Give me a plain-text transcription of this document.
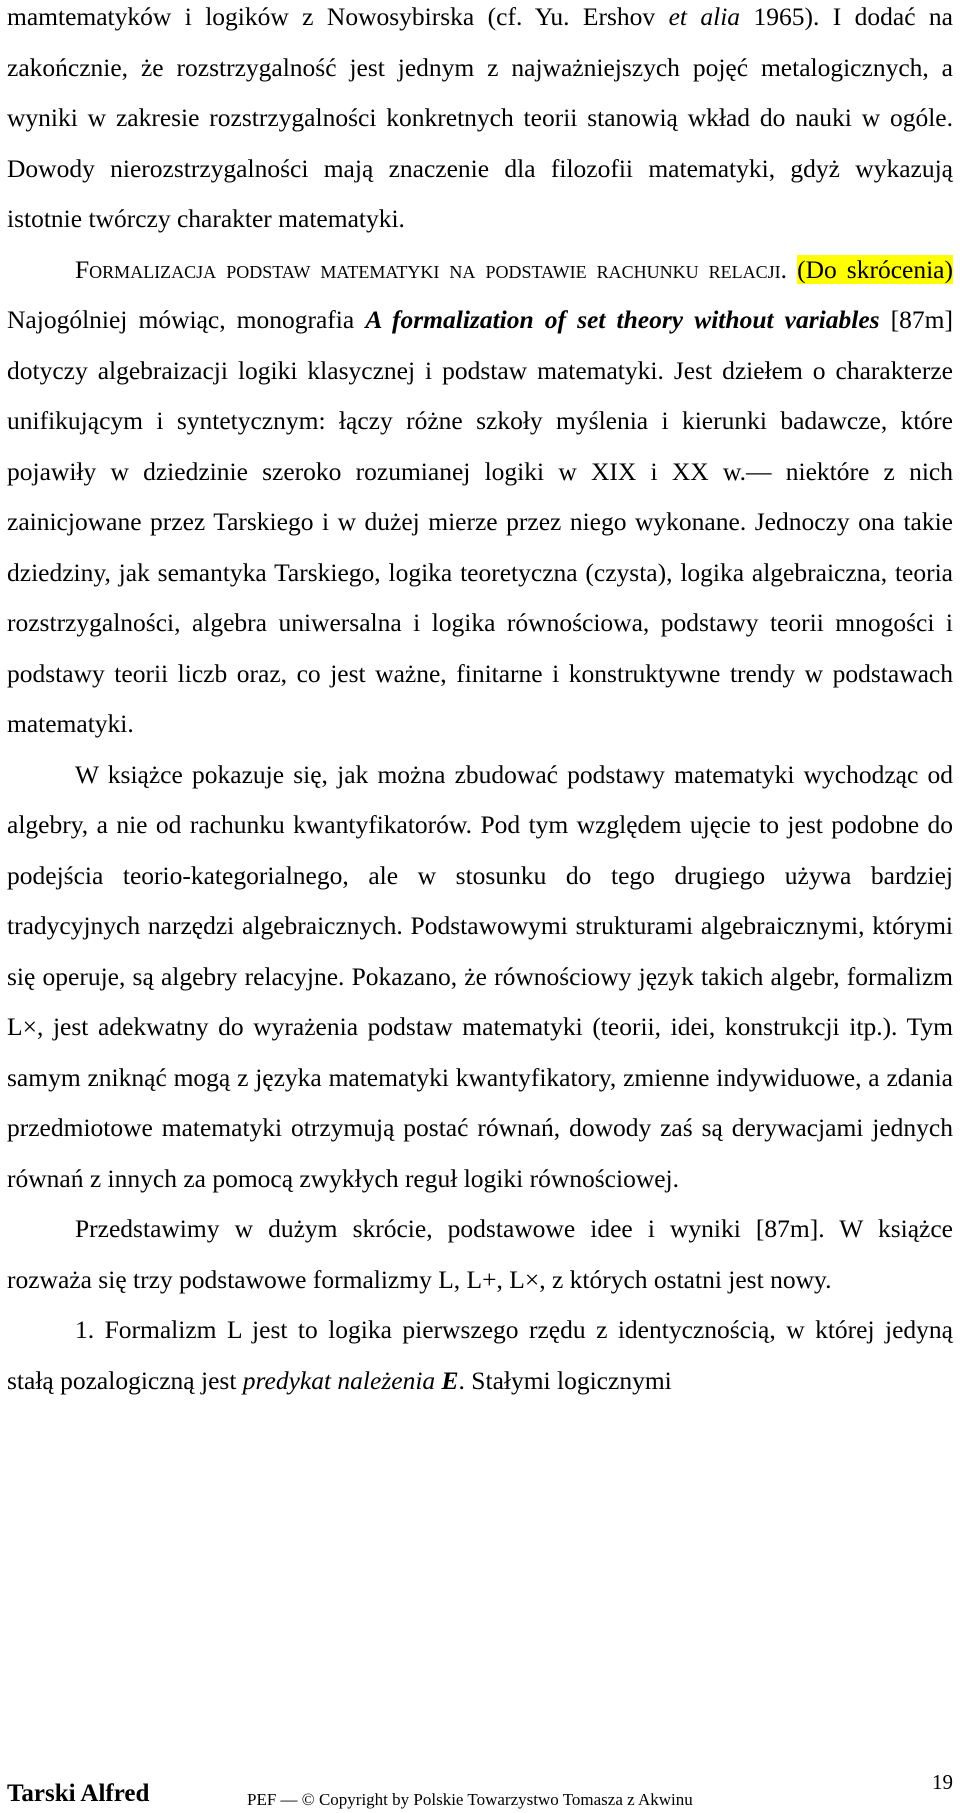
mamtematyków i logików z Nowosybirska (cf. Yu. Ershov et alia 1965). I dodać na zakończnie, że rozstrzygalność jest jednym z najważniejszych pojęć metalogicznych, a wyniki w zakresie rozstrzygalności konkretnych teorii stanowią wkład do nauki w ogóle. Dowody nierozstrzygalności mają znaczenie dla filozofii matematyki, gdyż wykazują istotnie twórczy charakter matematyki.

Formalizacja podstaw matematyki na podstawie rachunku relacji. (Do skrócenia) Najogólniej mówiąc, monografia A formalization of set theory without variables [87m] dotyczy algebraizacji logiki klasycznej i podstaw matematyki. Jest dziełem o charakterze unifikującym i syntetycznym: łączy różne szkoły myślenia i kierunki badawcze, które pojawiły w dziedzinie szeroko rozumianej logiki w XIX i XX w.— niektóre z nich zainicjowane przez Tarskiego i w dużej mierze przez niego wykonane. Jednoczy ona takie dziedziny, jak semantyka Tarskiego, logika teoretyczna (czysta), logika algebraiczna, teoria rozstrzygalności, algebra uniwersalna i logika równościowa, podstawy teorii mnogości i podstawy teorii liczb oraz, co jest ważne, finitarne i konstruktywne trendy w podstawach matematyki.

W książce pokazuje się, jak można zbudować podstawy matematyki wychodząc od algebry, a nie od rachunku kwantyfikatorów. Pod tym względem ujęcie to jest podobne do podejścia teorio-kategorialnego, ale w stosunku do tego drugiego używa bardziej tradycyjnych narzędzi algebraicznych. Podstawowymi strukturami algebraicznymi, którymi się operuje, są algebry relacyjne. Pokazano, że równościowy język takich algebr, formalizm L×, jest adekwatny do wyrażenia podstaw matematyki (teorii, idei, konstrukcji itp.). Tym samym zniknąć mogą z języka matematyki kwantyfikatory, zmienne indywiduowe, a zdania przedmiotowe matematyki otrzymują postać równań, dowody zaś są derywacjami jednych równań z innych za pomocą zwykłych reguł logiki równościowej.

Przedstawimy w dużym skrócie, podstawowe idee i wyniki [87m]. W książce rozważa się trzy podstawowe formalizmy L, L+, L×, z których ostatni jest nowy.

1. Formalizm L jest to logika pierwszego rzędu z identycznością, w której jedyną stałą pozalogiczną jest predykat należenia E. Stałymi logicznymi

Tarski Alfred	PEF — © Copyright by Polskie Towarzystwo Tomasza z Akwinu
19
